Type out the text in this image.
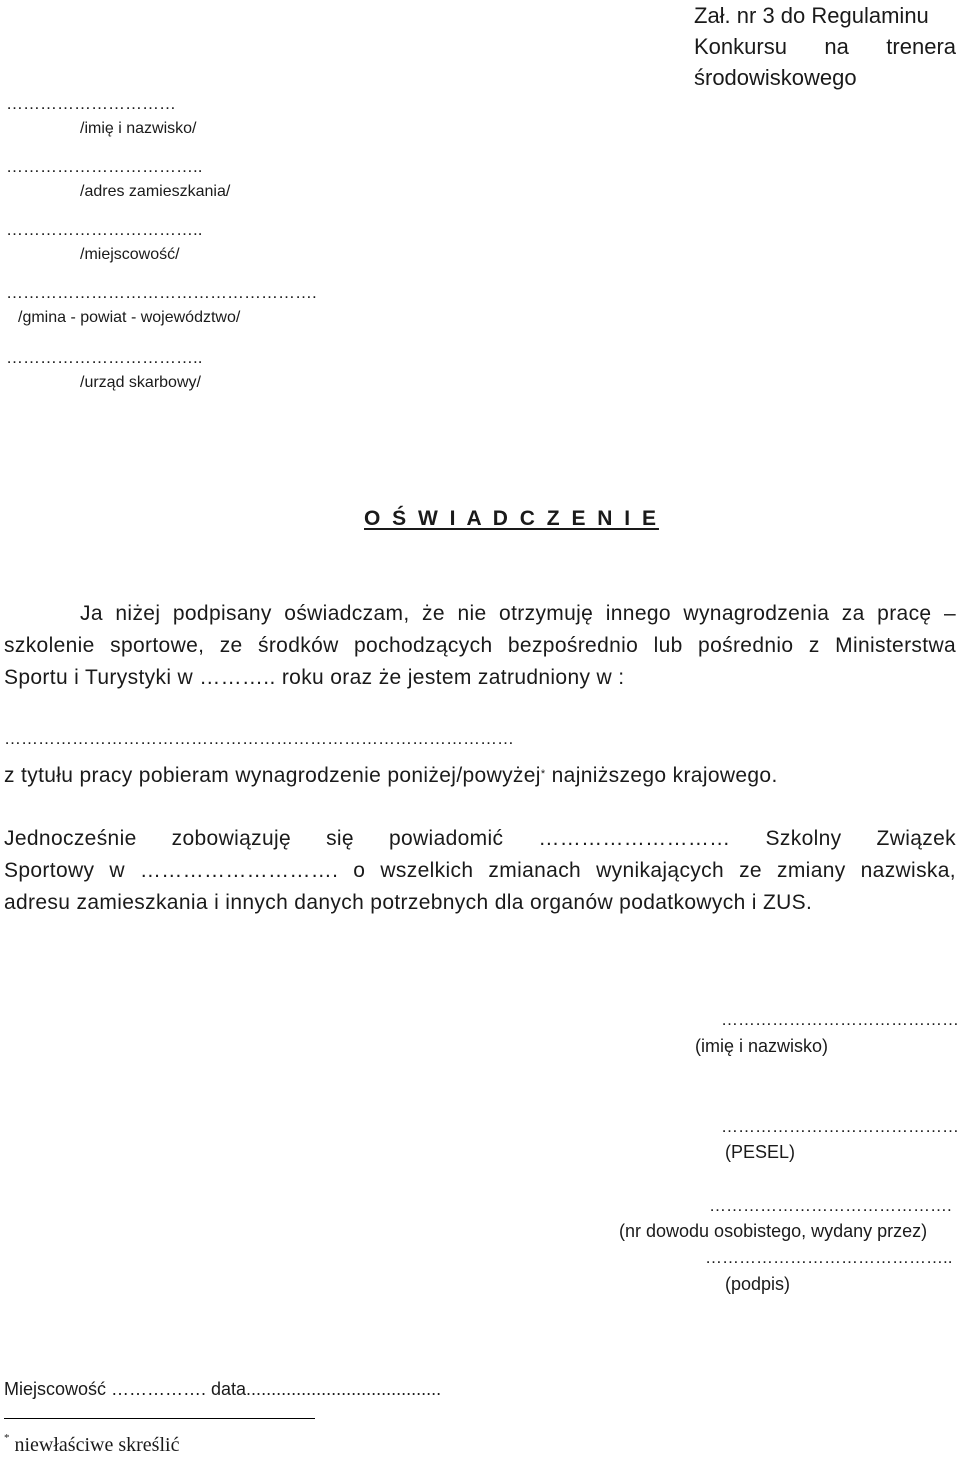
Zał. nr 3 do Regulaminu
Konkursu na trenera
środowiskowego
…………………………
/imię i nazwisko/
……………………………..
/adres zamieszkania/
……………………………..
/miejscowość/
……………………………………………….
/gmina - powiat - województwo/
……………………………..
/urząd skarbowy/
O Ś W I A D C Z E N I E
Ja niżej podpisany oświadczam, że nie otrzymuję innego wynagrodzenia za pracę –
szkolenie sportowe, ze środków pochodzących bezpośrednio lub pośrednio z Ministerstwa
Sportu i Turystyki w ……….. roku oraz że jestem zatrudniony w :
………………………………………………………………………………
z tytułu pracy pobieram wynagrodzenie poniżej/powyżej* najniższego krajowego.
Jednocześnie zobowiązuję się powiadomić ……………………… Szkolny Związek
Sportowy w ………………………. o wszelkich zmianach wynikających ze zmiany nazwiska,
adresu zamieszkania i innych danych potrzebnych dla organów podatkowych i ZUS.
……………………………………
(imię i nazwisko)
……………………………………
(PESEL)
…………………………………….
(nr dowodu osobistego, wydany przez)
……………………………………..
(podpis)
Miejscowość ……………. data.......................................
* niewłaściwe skreślić
